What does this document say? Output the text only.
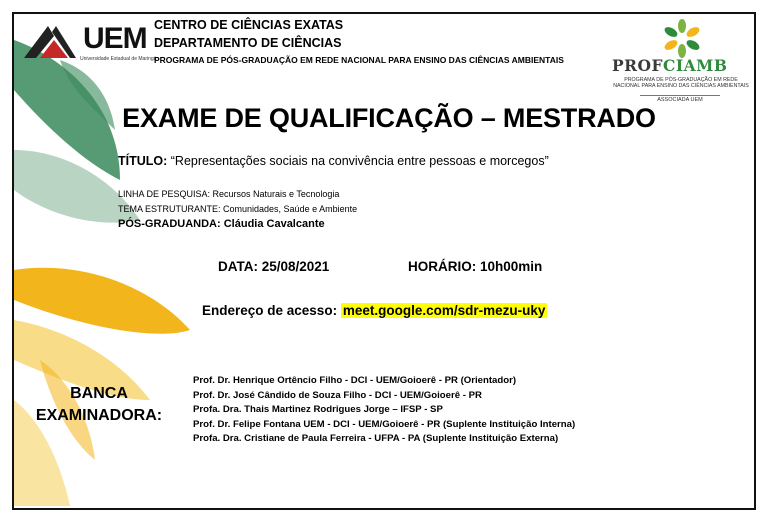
UEM
Universidade Estadual de Maringá
CENTRO DE CIÊNCIAS EXATAS
DEPARTAMENTO DE CIÊNCIAS
PROGRAMA DE PÓS-GRADUAÇÃO EM REDE NACIONAL PARA ENSINO DAS CIÊNCIAS AMBIENTAIS	PROFCIAMB
PROGRAMA DE PÓS-GRADUAÇÃO EM REDE NACIONAL PARA ENSINO DAS CIÊNCIAS AMBIENTAIS
ASSOCIADA UEM
EXAME DE QUALIFICAÇÃO – MESTRADO
TÍTULO: “Representações sociais na convivência entre pessoas e morcegos”
LINHA DE PESQUISA: Recursos Naturais e Tecnologia
TEMA ESTRUTURANTE: Comunidades, Saúde e Ambiente
PÓS-GRADUANDA: Cláudia Cavalcante
DATA: 25/08/2021	HORÁRIO: 10h00min
Endereço de acesso: meet.google.com/sdr-mezu-uky
BANCA
EXAMINADORA:
Prof. Dr. Henrique Ortêncio Filho - DCI - UEM/Goioerê - PR (Orientador)
Prof. Dr. José Cândido de Souza Filho - DCI - UEM/Goioerê - PR
Profa. Dra. Thais Martinez Rodrigues Jorge – IFSP - SP
Prof. Dr. Felipe Fontana UEM - DCI - UEM/Goioerê - PR (Suplente Instituição Interna)
Profa. Dra. Cristiane de Paula Ferreira - UFPA - PA (Suplente Instituição Externa)
